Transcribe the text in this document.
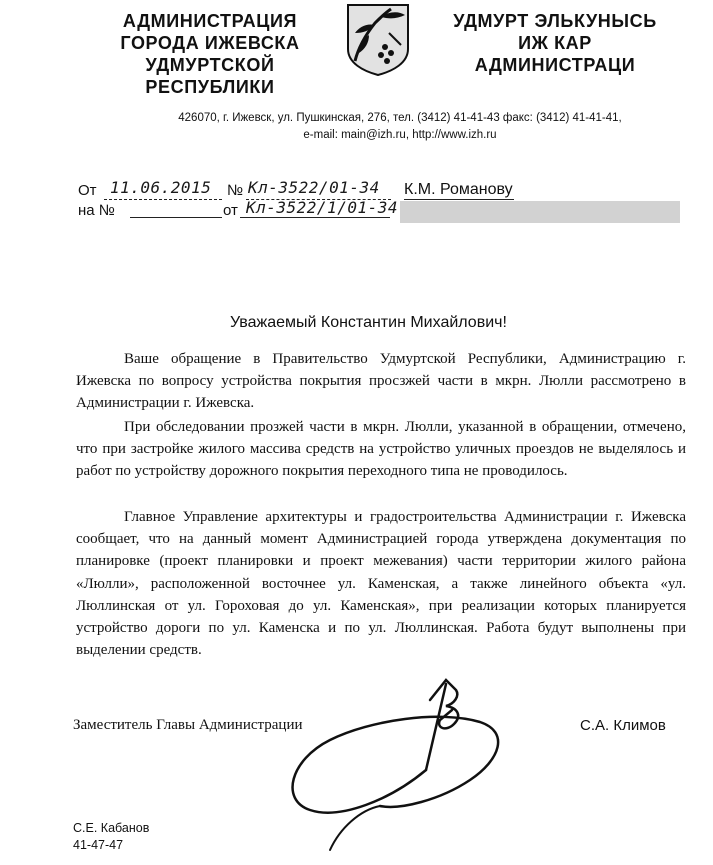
АДМИНИСТРАЦИЯ
ГОРОДА ИЖЕВСКА
УДМУРТСКОЙ
РЕСПУБЛИКИ
УДМУРТ ЭЛЬКУНЫСЬ
ИЖ КАР
АДМИНИСТРАЦИ
426070, г. Ижевск, ул. Пушкинская, 276, тел. (3412) 41-41-43 факс: (3412) 41-41-41,
e-mail: main@izh.ru, http://www.izh.ru
От 11.06.2015 № Кл-3522/01-34 К.М. Романову
на №	от Кл-3522/1/01-34
Уважаемый Константин Михайлович!
Ваше обращение в Правительство Удмуртской Республики, Администрацию г. Ижевска по вопросу устройства покрытия просзжей части в мкрн. Люлли рассмотрено в Администрации г. Ижевска.
При обследовании прозжей части в мкрн. Люлли, указанной в обращении, отмечено, что при застройке жилого массива средств на устройство уличных проездов не выделялось и работ по устройству дорожного покрытия переходного типа не проводилось.
Главное Управление архитектуры и градостроительства Администрации г. Ижевска сообщает, что на данный момент Администрацией города утверждена документация по планировке (проект планировки и проект межевания) части территории жилого района «Люлли», расположенной восточнее ул. Каменская, а также линейного объекта «ул. Люллинская от ул. Гороховая до ул. Каменская», при реализации которых планируется устройство дороги по ул. Каменска и по ул. Люллинская. Работа будут выполнены при выделении средств.
Заместитель Главы Администрации	С.А. Климов
С.Е. Кабанов
41-47-47
